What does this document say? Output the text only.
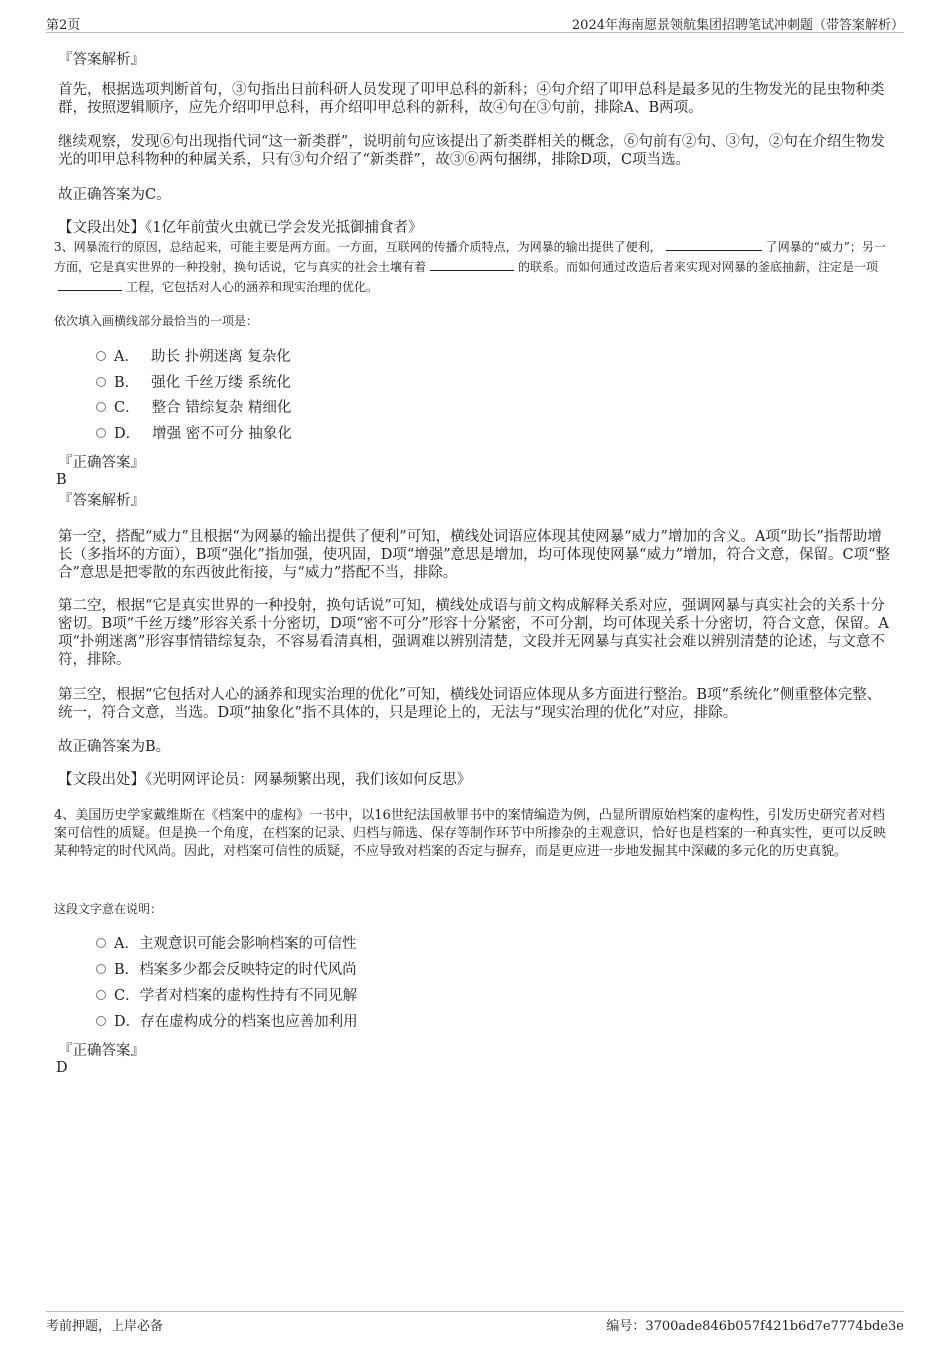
第2页	2024年海南愿景领航集团招聘笔试冲刺题（带答案解析）
『答案解析』
首先，根据选项判断首句，③句指出日前科研人员发现了叩甲总科的新科；④句介绍了叩甲总科是最多见的生物发光的昆虫物种类群，按照逻辑顺序，应先介绍叩甲总科，再介绍叩甲总科的新科，故④句在③句前，排除A、B两项。
继续观察，发现⑥句出现指代词“这一新类群”，说明前句应该提出了新类群相关的概念，⑥句前有②句、③句，②句在介绍生物发光的叩甲总科物种的种属关系，只有③句介绍了“新类群”，故③⑥两句捆绑，排除D项，C项当选。
故正确答案为C。
【文段出处】《1亿年前萤火虫就已学会发光抵御捕食者》
3、网暴流行的原因，总结起来，可能主要是两方面。一方面，互联网的传播介质特点，为网暴的输出提供了便利，	了网暴的“威力”；另一方面，它是真实世界的一种投射，换句话说，它与真实的社会土壤有着	的联系。而如何通过改造后者来实现对网暴的釜底抽薪，注定是一项工程，它包括对人心的涵养和现实治理的优化。
依次填入画横线部分最恰当的一项是：
A． 助长 扑朔迷离 复杂化
B． 强化 千丝万缕 系统化
C． 整合 错综复杂 精细化
D． 增强 密不可分 抽象化
『正确答案』
B
『答案解析』
第一空，搭配“威力”且根据“为网暴的输出提供了便利”可知，横线处词语应体现其使网暴“威力”增加的含义。A项“助长”指帮助增长（多指坏的方面），B项“强化”指加强，使巩固，D项“增强”意思是增加，均可体现使网暴“威力”增加，符合文意，保留。C项“整合”意思是把零散的东西彼此衔接，与“威力”搭配不当，排除。
第二空，根据“它是真实世界的一种投射，换句话说”可知，横线处成语与前文构成解释关系对应，强调网暴与真实社会的关系十分密切。B项“千丝万缕”形容关系十分密切，D项“密不可分”形容十分紧密，不可分割，均可体现关系十分密切，符合文意，保留。A项“扑朔迷离”形容事情错综复杂，不容易看清真相，强调难以辨别清楚，文段并无网暴与真实社会难以辨别清楚的论述，与文意不符，排除。
第三空，根据“它包括对人心的涵养和现实治理的优化”可知，横线处词语应体现从多方面进行整治。B项“系统化”侧重整体完整、统一，符合文意，当选。D项“抽象化”指不具体的，只是理论上的，无法与“现实治理的优化”对应，排除。
故正确答案为B。
【文段出处】《光明网评论员：网暴频繁出现，我们该如何反思》
4、美国历史学家戴维斯在《档案中的虚构》一书中，以16世纪法国赦罪书中的案情编造为例，凸显所谓原始档案的虚构性，引发历史研究者对档案可信性的质疑。但是换一个角度，在档案的记录、归档与筛选、保存等制作环节中所掺杂的主观意识，恰好也是档案的一种真实性，更可以反映某种特定的时代风尚。因此，对档案可信性的质疑，不应导致对档案的否定与摒弃，而是更应进一步地发掘其中深藏的多元化的历史真貌。
这段文字意在说明：
A．主观意识可能会影响档案的可信性
B．档案多少都会反映特定的时代风尚
C．学者对档案的虚构性持有不同见解
D．存在虚构成分的档案也应善加利用
『正确答案』
D
考前押题，上岸必备	编号：3700ade846b057f421b6d7e7774bde3e
